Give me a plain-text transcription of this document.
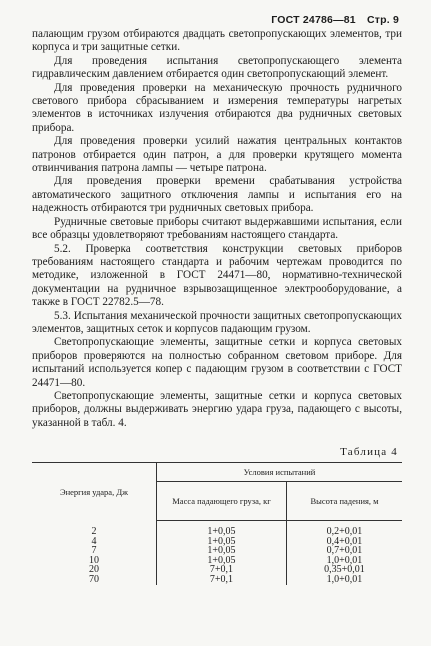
ГОСТ 24786—81 Стр. 9

палающим грузом отбираются двадцать светопропускающих элементов, три корпуса и три защитные сетки.

Для проведения испытания светопропускающего элемента гидравлическим давлением отбирается один светопропускающий элемент.

Для проведения проверки на механическую прочность рудничного светового прибора сбрасыванием и измерения температуры нагретых элементов в источниках излучения отбираются два рудничных световых прибора.

Для проведения проверки усилий нажатия центральных контактов патронов отбирается один патрон, а для проверки крутящего момента отвинчивания патрона лампы — четыре патрона.

Для проведения проверки времени срабатывания устройства автоматического защитного отключения лампы и испытания его на надежность отбираются три рудничных световых прибора.

Рудничные световые приборы считают выдержавшими испытания, если все образцы удовлетворяют требованиям настоящего стандарта.

5.2. Проверка соответствия конструкции световых приборов требованиям настоящего стандарта и рабочим чертежам проводится по методике, изложенной в ГОСТ 24471—80, нормативно-технической документации на рудничное взрывозащищенное электрооборудование, а также в ГОСТ 22782.5—78.

5.3. Испытания механической прочности защитных светопропускающих элементов, защитных сеток и корпусов падающим грузом.

Светопропускающие элементы, защитные сетки и корпуса световых приборов проверяются на полностью собранном световом приборе. Для испытаний используется копер с падающим грузом в соответствии с ГОСТ 24471—80.

Светопропускающие элементы, защитные сетки и корпуса световых приборов, должны выдерживать энергию удара груза, падающего с высоты, указанной в табл. 4.

Таблица 4
Энергия удара, Дж	Условия испытаний	
	Масса падающего груза, кг	Высота падения, м
2	1+0,05	0,2+0,01
4	1+0,05	0,4+0,01
7	1+0,05	0,7+0,01
10	1+0,05	1,0+0,01
20	7+0,1	0,35+0,01
70	7+0,1	1,0+0,01
